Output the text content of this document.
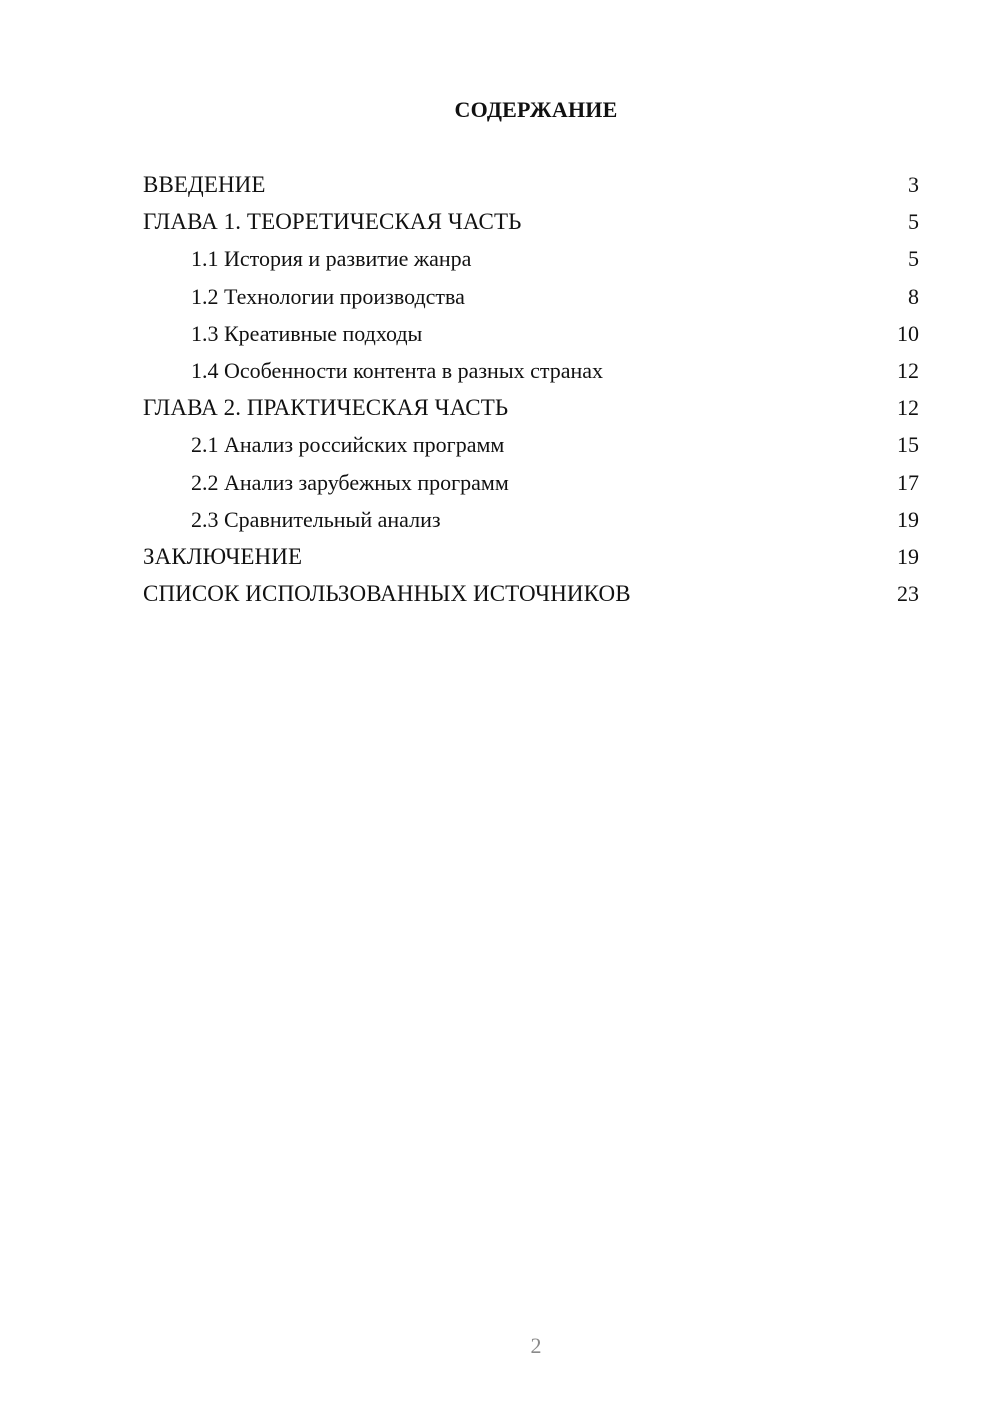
СОДЕРЖАНИЕ
ВВЕДЕНИЕ	3
ГЛАВА 1. ТЕОРЕТИЧЕСКАЯ ЧАСТЬ	5
1.1 История и развитие жанра	5
1.2 Технологии производства	8
1.3 Креативные подходы	10
1.4 Особенности контента в разных странах	12
ГЛАВА 2. ПРАКТИЧЕСКАЯ ЧАСТЬ	12
2.1 Анализ российских программ	15
2.2 Анализ зарубежных программ	17
2.3 Сравнительный анализ	19
ЗАКЛЮЧЕНИЕ	19
СПИСОК ИСПОЛЬЗОВАННЫХ ИСТОЧНИКОВ	23
2
